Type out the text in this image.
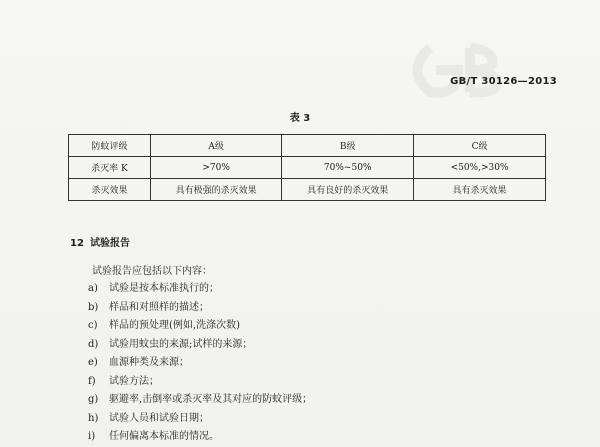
GB/T 30126—2013
表 3
防蚊评级	A级	B级	C级
杀灭率 K	>70%	70%~50%	<50%,>30%
杀灭效果	具有极强的杀灭效果	具有良好的杀灭效果	具有杀灭效果
12 试验报告
试验报告应包括以下内容：
a) 试验是按本标准执行的；
b) 样品和对照样的描述；
c) 样品的预处理(例如,洗涤次数)
d) 试验用蚊虫的来源;试样的来源；
e) 血源种类及来源；
f) 试验方法；
g) 驱避率,击倒率或杀灭率及其对应的防蚊评级；
h) 试验人员和试验日期；
i) 任何偏离本标准的情况。
